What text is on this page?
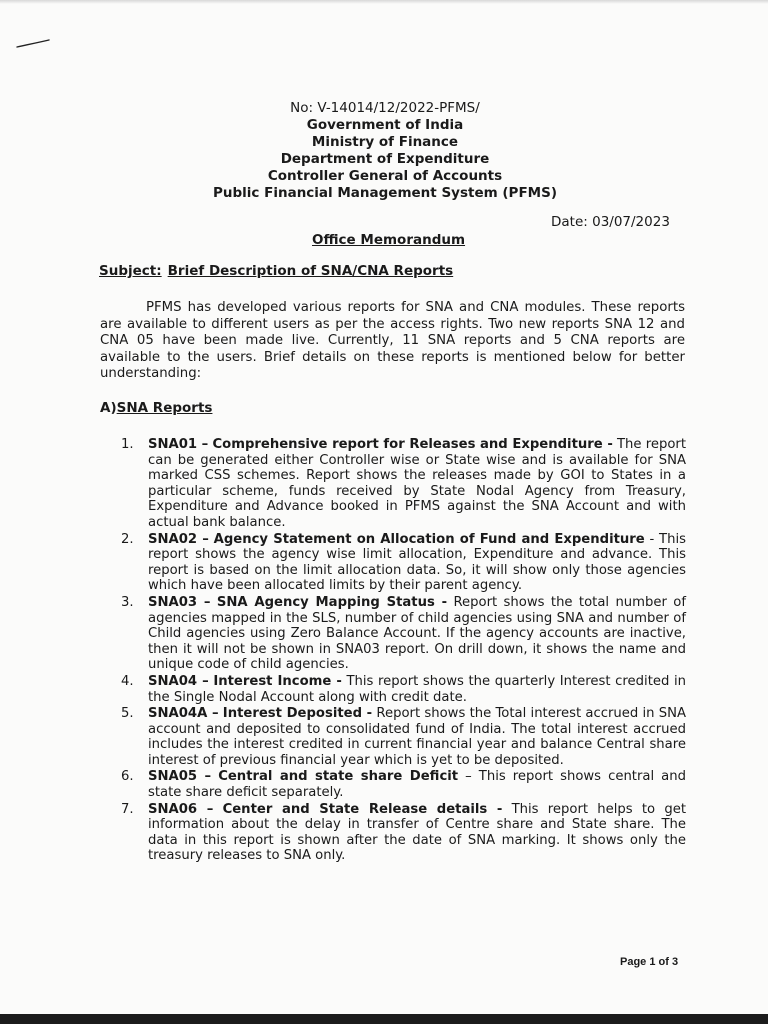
No: V-14014/12/2022-PFMS/
Government of India
Ministry of Finance
Department of Expenditure
Controller General of Accounts
Public Financial Management System (PFMS)
Date: 03/07/2023
Office Memorandum
Subject: Brief Description of SNA/CNA Reports
PFMS has developed various reports for SNA and CNA modules. These reports are available to different users as per the access rights. Two new reports SNA 12 and CNA 05 have been made live. Currently, 11 SNA reports and 5 CNA reports are available to the users. Brief details on these reports is mentioned below for better understanding:
A)SNA Reports
1. SNA01 – Comprehensive report for Releases and Expenditure - The report can be generated either Controller wise or State wise and is available for SNA marked CSS schemes. Report shows the releases made by GOI to States in a particular scheme, funds received by State Nodal Agency from Treasury, Expenditure and Advance booked in PFMS against the SNA Account and with actual bank balance.
2. SNA02 – Agency Statement on Allocation of Fund and Expenditure - This report shows the agency wise limit allocation, Expenditure and advance. This report is based on the limit allocation data. So, it will show only those agencies which have been allocated limits by their parent agency.
3. SNA03 – SNA Agency Mapping Status - Report shows the total number of agencies mapped in the SLS, number of child agencies using SNA and number of Child agencies using Zero Balance Account. If the agency accounts are inactive, then it will not be shown in SNA03 report. On drill down, it shows the name and unique code of child agencies.
4. SNA04 – Interest Income - This report shows the quarterly Interest credited in the Single Nodal Account along with credit date.
5. SNA04A – Interest Deposited - Report shows the Total interest accrued in SNA account and deposited to consolidated fund of India. The total interest accrued includes the interest credited in current financial year and balance Central share interest of previous financial year which is yet to be deposited.
6. SNA05 – Central and state share Deficit – This report shows central and state share deficit separately.
7. SNA06 – Center and State Release details - This report helps to get information about the delay in transfer of Centre share and State share. The data in this report is shown after the date of SNA marking. It shows only the treasury releases to SNA only.
Page 1 of 3
